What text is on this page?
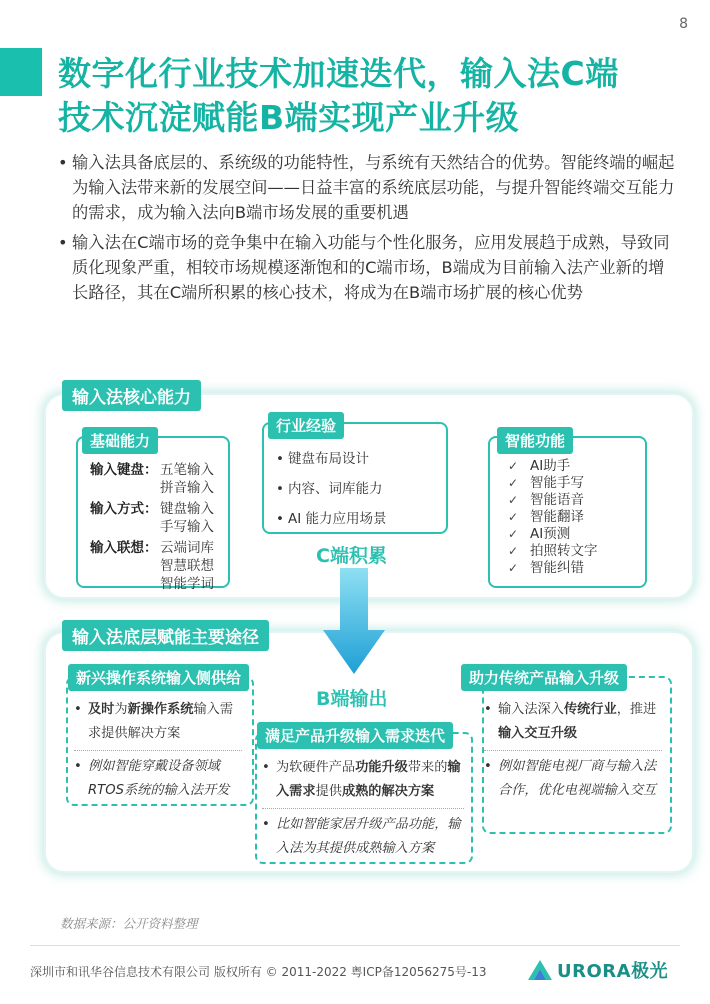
8
数字化行业技术加速迭代，输入法C端
技术沉淀赋能B端实现产业升级
• 输入法具备底层的、系统级的功能特性，与系统有天然结合的优势。智能终端的崛起为输入法带来新的发展空间——日益丰富的系统底层功能，与提升智能终端交互能力的需求，成为输入法向B端市场发展的重要机遇
• 输入法在C端市场的竞争集中在输入功能与个性化服务，应用发展趋于成熟，导致同质化现象严重，相较市场规模逐渐饱和的C端市场，B端成为目前输入法产业新的增长路径，其在C端所积累的核心技术，将成为在B端市场扩展的核心优势
输入法核心能力
基础能力
输入键盘： 五笔输入
拼音输入
输入方式： 键盘输入
手写输入
输入联想： 云端词库
智慧联想
智能学词
行业经验
• 键盘布局设计
• 内容、词库能力
• AI 能力应用场景
C端积累
智能功能
✓ AI助手
✓ 智能手写
✓ 智能语音
✓ 智能翻译
✓ AI预测
✓ 拍照转文字
✓ 智能纠错
输入法底层赋能主要途径
B端输出
新兴操作系统输入侧供给
• 及时为新操作系统输入需求提供解决方案
• 例如智能穿戴设备领域RTOS系统的输入法开发
满足产品升级输入需求迭代
• 为软硬件产品功能升级带来的输入需求提供成熟的解决方案
• 比如智能家居升级产品功能，输入法为其提供成熟输入方案
助力传统产品输入升级
• 输入法深入传统行业，推进输入交互升级
• 例如智能电视厂商与输入法合作，优化电视端输入交互
数据来源：公开资料整理
深圳市和讯华谷信息技术有限公司 版权所有 © 2011-2022 粤ICP备12056275号-13	URORA极光
